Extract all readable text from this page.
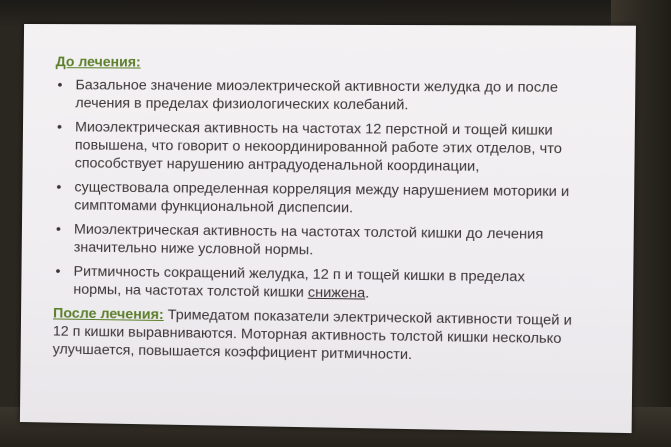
До лечения:
• Базальное значение миоэлектрической активности желудка до и после лечения в пределах физиологических колебаний.
• Миоэлектрическая активность на частотах 12 перстной и тощей кишки повышена, что говорит о некоординированной работе этих отделов, что способствует нарушению антрадуоденальной координации,
• существовала определенная корреляция между нарушением моторики и симптомами функциональной диспепсии.
• Миоэлектрическая активность на частотах толстой кишки до лечения значительно ниже условной нормы.
• Ритмичность сокращений желудка, 12 п и тощей кишки в пределах нормы, на частотах толстой кишки снижена.
После лечения: Тримедатом показатели электрической активности тощей и 12 п кишки выравниваются. Моторная активность толстой кишки несколько улучшается, повышается коэффициент ритмичности.
